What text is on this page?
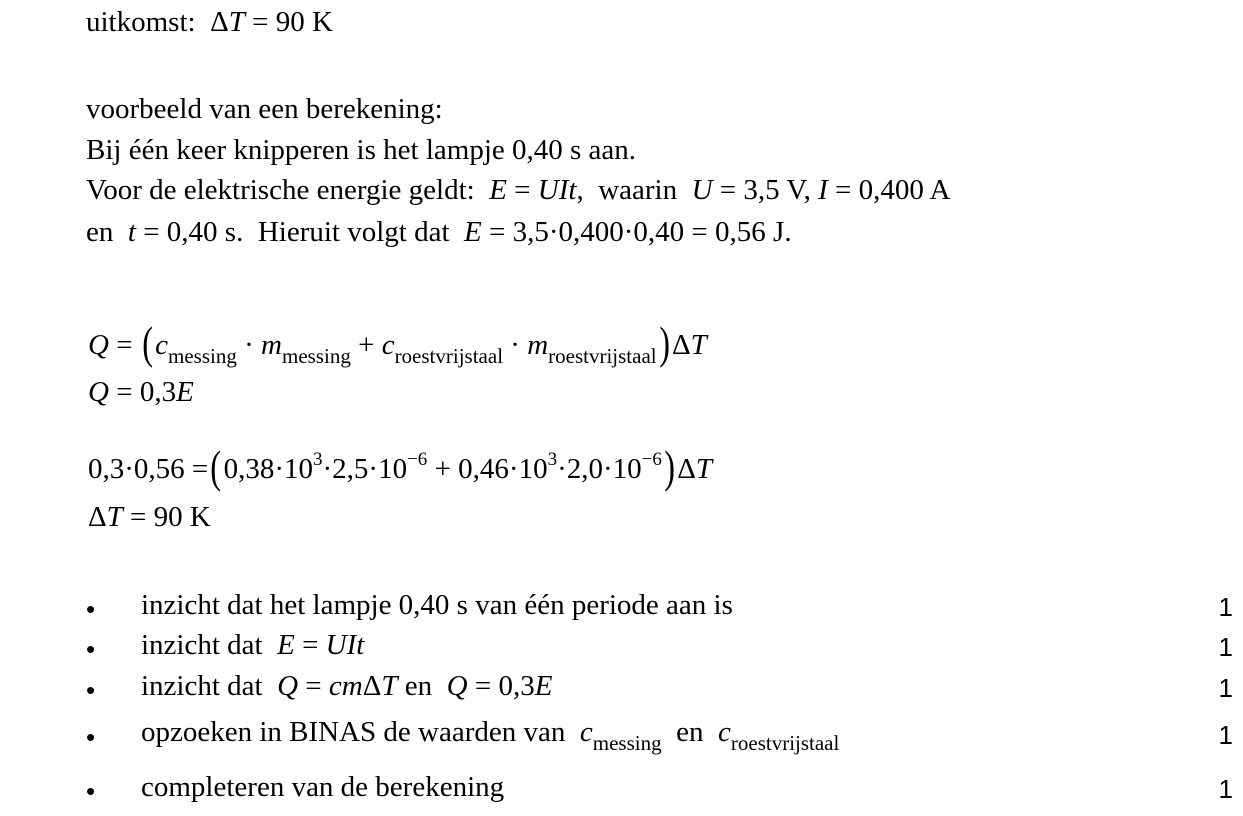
uitkomst: ΔT = 90 K
voorbeeld van een berekening:
Bij één keer knipperen is het lampje 0,40 s aan.
Voor de elektrische energie geldt: E = UIt,  waarin U = 3,5 V, I = 0,400 A
en t = 0,40 s. Hieruit volgt dat E = 3,5·0,400·0,40 = 0,56 J.
$Q = (c_{messing} \cdot m_{messing} + c_{roestvrijstaal} \cdot m_{roestvrijstaal})\Delta T$
Q = 0,3E
$0,3\cdot 0,56 =(0,38\cdot 10^3\cdot 2,5\cdot 10^{-6} + 0,46\cdot 10^3\cdot 2,0\cdot 10^{-6})\Delta T$
ΔT = 90 K
• inzicht dat het lampje 0,40 s van één periode aan is	1
• inzicht dat E = UIt	1
• inzicht dat Q = cmΔT en Q = 0,3E	1
• opzoeken in BINAS de waarden van $c_{messing}$ en $c_{roestvrijstaal}$	1
• completeren van de berekening	1
